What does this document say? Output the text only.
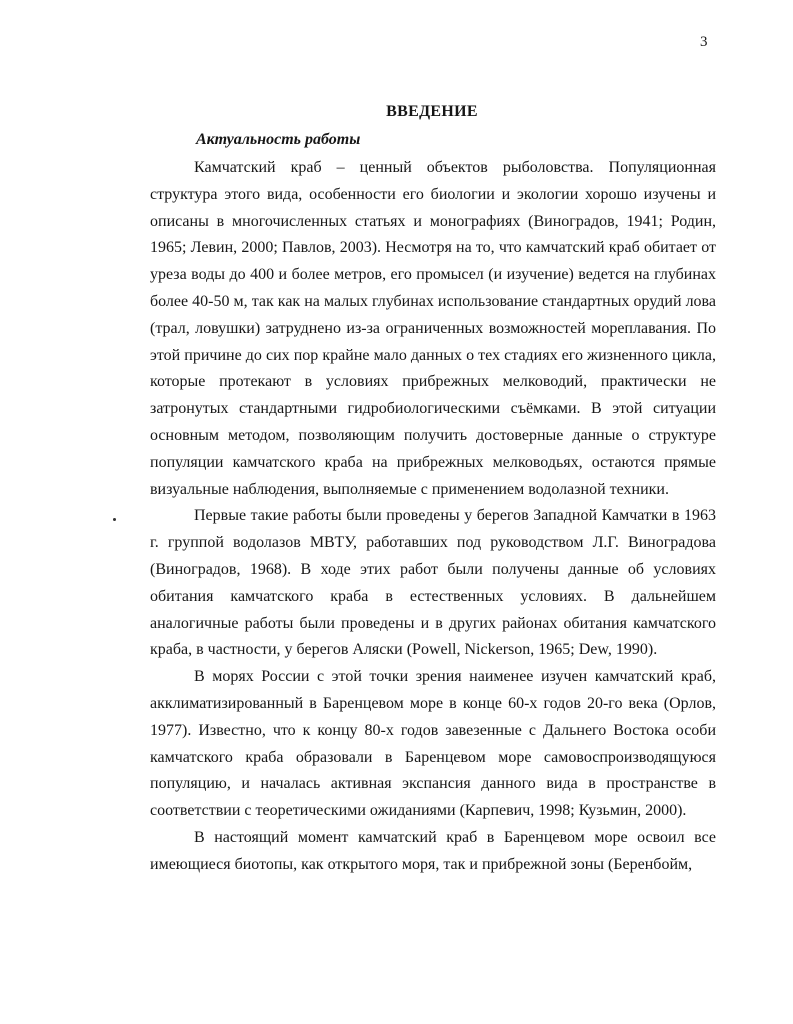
3
ВВЕДЕНИЕ
Актуальность работы

Камчатский краб – ценный объектов рыболовства. Популяционная структура этого вида, особенности его биологии и экологии хорошо изучены и описаны в многочисленных статьях и монографиях (Виноградов, 1941; Родин, 1965; Левин, 2000; Павлов, 2003). Несмотря на то, что камчатский краб обитает от уреза воды до 400 и более метров, его промысел (и изучение) ведется на глубинах более 40-50 м, так как на малых глубинах использование стандартных орудий лова (трал, ловушки) затруднено из-за ограниченных возможностей мореплавания. По этой причине до сих пор крайне мало данных о тех стадиях его жизненного цикла, которые протекают в условиях прибрежных мелководий, практически не затронутых стандартными гидробиологическими съёмками. В этой ситуации основным методом, позволяющим получить достоверные данные о структуре популяции камчатского краба на прибрежных мелководьях, остаются прямые визуальные наблюдения, выполняемые с применением водолазной техники.

Первые такие работы были проведены у берегов Западной Камчатки в 1963 г. группой водолазов МВТУ, работавших под руководством Л.Г. Виноградова (Виноградов, 1968). В ходе этих работ были получены данные об условиях обитания камчатского краба в естественных условиях. В дальнейшем аналогичные работы были проведены и в других районах обитания камчатского краба, в частности, у берегов Аляски (Powell, Nickerson, 1965; Dew, 1990).

В морях России с этой точки зрения наименее изучен камчатский краб, акклиматизированный в Баренцевом море в конце 60-х годов 20-го века (Орлов, 1977). Известно, что к концу 80-х годов завезенные с Дальнего Востока особи камчатского краба образовали в Баренцевом море самовоспроизводящуюся популяцию, и началась активная экспансия данного вида в пространстве в соответствии с теоретическими ожиданиями (Карпевич, 1998; Кузьмин, 2000).

В настоящий момент камчатский краб в Баренцевом море освоил все имеющиеся биотопы, как открытого моря, так и прибрежной зоны (Беренбойм,
